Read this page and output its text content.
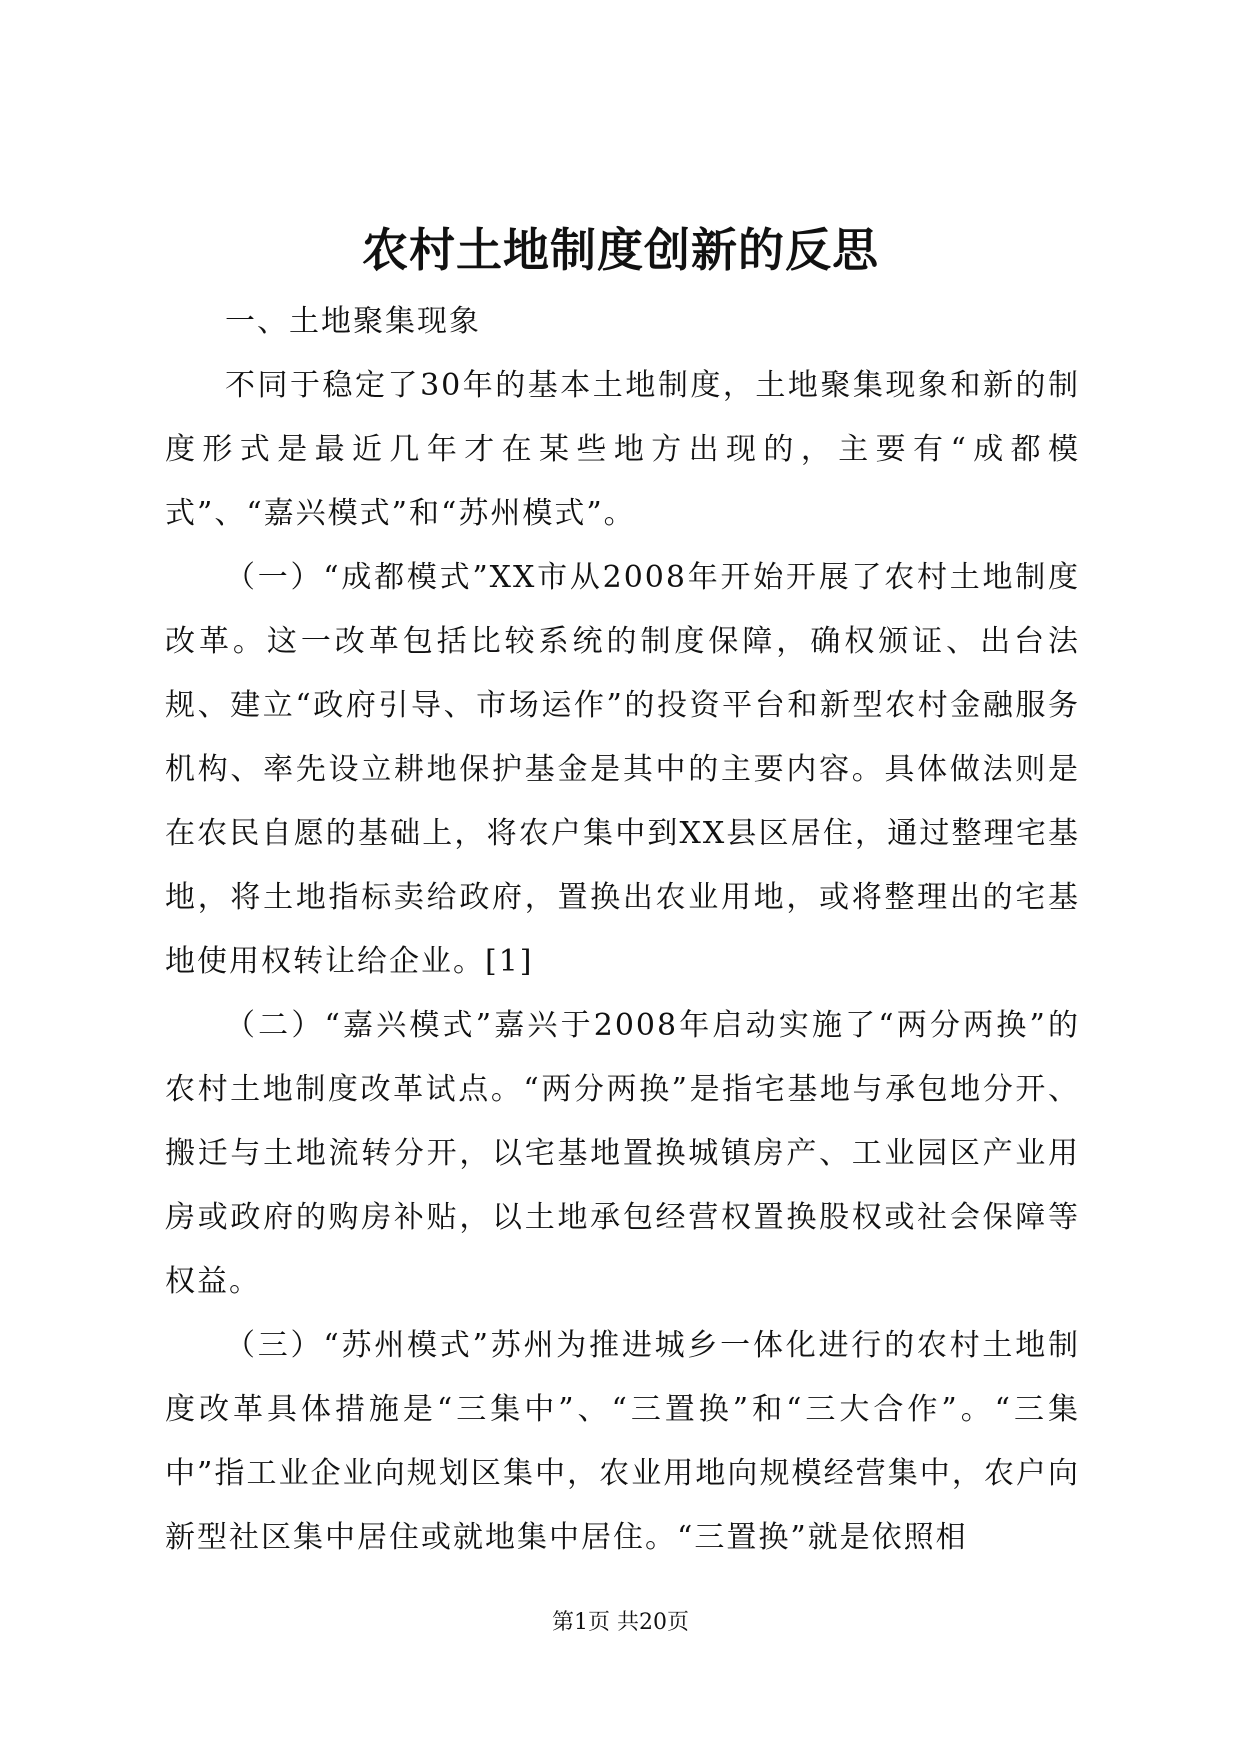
农村土地制度创新的反思

一、土地聚集现象

不同于稳定了30年的基本土地制度，土地聚集现象和新的制度形式是最近几年才在某些地方出现的，主要有“成都模式”、“嘉兴模式”和“苏州模式”。

（一）“成都模式”XX市从2008年开始开展了农村土地制度改革。这一改革包括比较系统的制度保障，确权颁证、出台法规、建立“政府引导、市场运作”的投资平台和新型农村金融服务机构、率先设立耕地保护基金是其中的主要内容。具体做法则是在农民自愿的基础上，将农户集中到XX县区居住，通过整理宅基地，将土地指标卖给政府，置换出农业用地，或将整理出的宅基地使用权转让给企业。[1]

（二）“嘉兴模式”嘉兴于2008年启动实施了“两分两换”的农村土地制度改革试点。“两分两换”是指宅基地与承包地分开、搬迁与土地流转分开，以宅基地置换城镇房产、工业园区产业用房或政府的购房补贴，以土地承包经营权置换股权或社会保障等权益。

（三）“苏州模式”苏州为推进城乡一体化进行的农村土地制度改革具体措施是“三集中”、“三置换”和“三大合作”。“三集中”指工业企业向规划区集中，农业用地向规模经营集中，农户向新型社区集中居住或就地集中居住。“三置换”就是依照相

第1页 共20页
